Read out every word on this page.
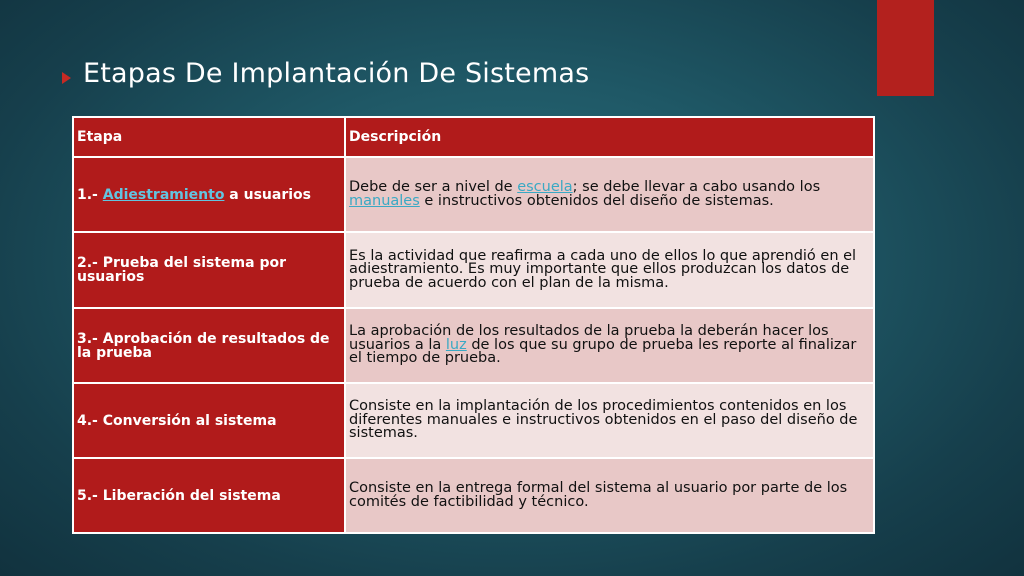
Etapas De Implantación De Sistemas
Etapa	Descripción
1.- Adiestramiento a usuarios	Debe de ser a nivel de escuela; se debe llevar a cabo usando los manuales e instructivos obtenidos del diseño de sistemas.
2.- Prueba del sistema por usuarios	Es la actividad que reafirma a cada uno de ellos lo que aprendió en el adiestramiento. Es muy importante que ellos produzcan los datos de prueba de acuerdo con el plan de la misma.
3.- Aprobación de resultados de la prueba	La aprobación de los resultados de la prueba la deberán hacer los usuarios a la luz de los que su grupo de prueba les reporte al finalizar el tiempo de prueba.
4.- Conversión al sistema	Consiste en la implantación de los procedimientos contenidos en los diferentes manuales e instructivos obtenidos en el paso del diseño de sistemas.
5.- Liberación del sistema	Consiste en la entrega formal del sistema al usuario por parte de los comités de factibilidad y técnico.
